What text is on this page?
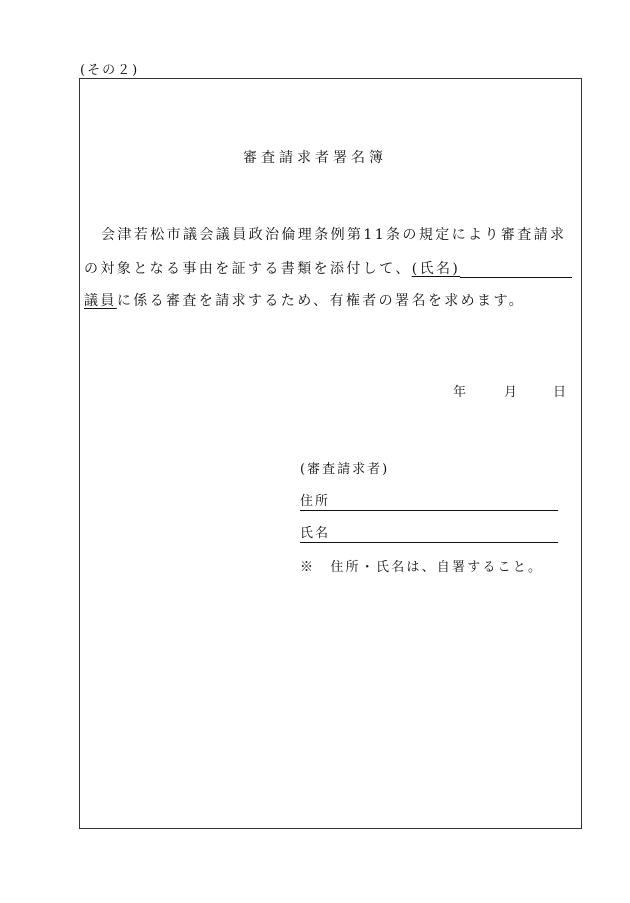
(その２)
審査請求者署名簿
会津若松市議会議員政治倫理条例第11条の規定により審査請求
の対象となる事由を証する書類を添付して、(氏名)
議員に係る審査を請求するため、有権者の署名を求めます。
年	月	日
(審査請求者)
住所
氏名
※　住所・氏名は、自署すること。
